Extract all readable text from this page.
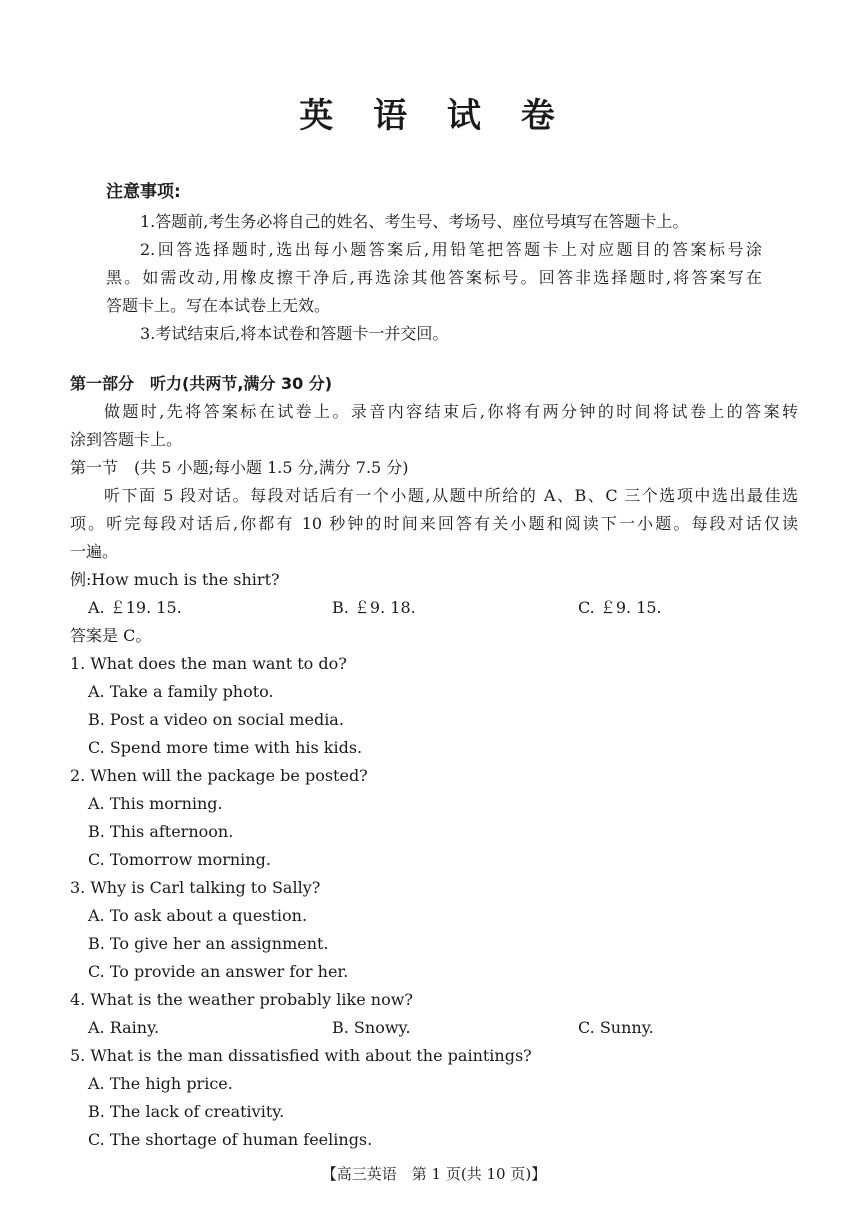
英 语 试 卷
注意事项:
1.答题前,考生务必将自己的姓名、考生号、考场号、座位号填写在答题卡上。
2.回答选择题时,选出每小题答案后,用铅笔把答题卡上对应题目的答案标号涂
黑。如需改动,用橡皮擦干净后,再选涂其他答案标号。回答非选择题时,将答案写在
答题卡上。写在本试卷上无效。
3.考试结束后,将本试卷和答题卡一并交回。
第一部分　听力(共两节,满分 30 分)
做题时,先将答案标在试卷上。录音内容结束后,你将有两分钟的时间将试卷上的答案转
涂到答题卡上。
第一节　(共 5 小题;每小题 1.5 分,满分 7.5 分)
听下面 5 段对话。每段对话后有一个小题,从题中所给的 A、B、C 三个选项中选出最佳选
项。听完每段对话后,你都有 10 秒钟的时间来回答有关小题和阅读下一小题。每段对话仅读
一遍。
例:How much is the shirt?
A. ￡19. 15.	B. ￡9. 18.	C. ￡9. 15.
答案是 C。
1. What does the man want to do?
A. Take a family photo.
B. Post a video on social media.
C. Spend more time with his kids.
2. When will the package be posted?
A. This morning.
B. This afternoon.
C. Tomorrow morning.
3. Why is Carl talking to Sally?
A. To ask about a question.
B. To give her an assignment.
C. To provide an answer for her.
4. What is the weather probably like now?
A. Rainy.	B. Snowy.	C. Sunny.
5. What is the man dissatisfied with about the paintings?
A. The high price.
B. The lack of creativity.
C. The shortage of human feelings.
【高三英语　第 1 页(共 10 页)】
